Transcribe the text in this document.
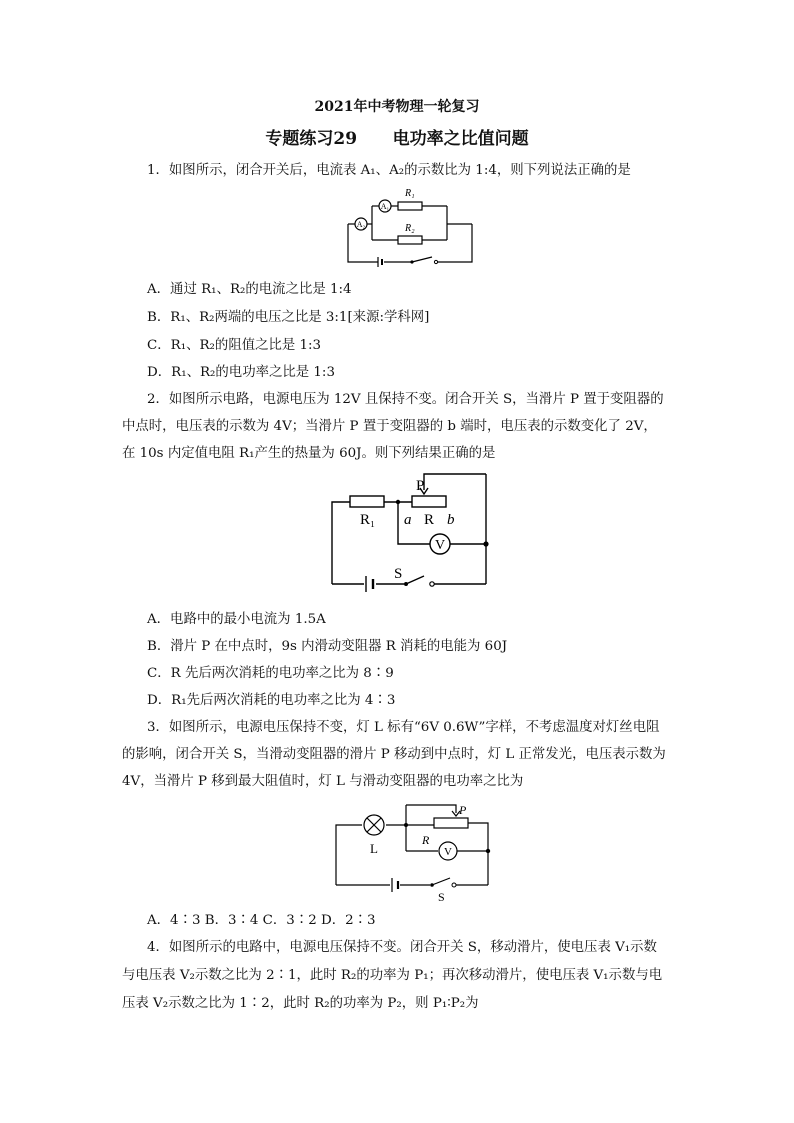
2021年中考物理一轮复习
专题练习29      电功率之比值问题
1．如图所示，闭合开关后，电流表 A₁、A₂的示数比为 1:4，则下列说法正确的是
A₂
A₁
R₁
R₂
A．通过 R₁、R₂的电流之比是 1:4
B．R₁、R₂两端的电压之比是 3:1[来源:学科网]
C．R₁、R₂的阻值之比是 1:3
D．R₁、R₂的电功率之比是 1:3
2．如图所示电路，电源电压为 12V 且保持不变。闭合开关 S，当滑片 P 置于变阻器的
中点时，电压表的示数为 4V；当滑片 P 置于变阻器的 b 端时，电压表的示数变化了 2V，
在 10s 内定值电阻 R₁产生的热量为 60J。则下列结果正确的是
R₁
P
a R b
V
S
A．电路中的最小电流为 1.5A
B．滑片 P 在中点时，9s 内滑动变阻器 R 消耗的电能为 60J
C．R 先后两次消耗的电功率之比为 8∶9
D．R₁先后两次消耗的电功率之比为 4∶3
3．如图所示，电源电压保持不变，灯 L 标有“6V 0.6W”字样，不考虑温度对灯丝电阻
的影响，闭合开关 S，当滑动变阻器的滑片 P 移动到中点时，灯 L 正常发光，电压表示数为
4V，当滑片 P 移到最大阻值时，灯 L 与滑动变阻器的电功率之比为
L
P
R
V
S
A．4∶3 B．3∶4 C．3∶2 D．2∶3
4．如图所示的电路中，电源电压保持不变。闭合开关 S，移动滑片，使电压表 V₁示数
与电压表 V₂示数之比为 2∶1，此时 R₂的功率为 P₁；再次移动滑片，使电压表 V₁示数与电
压表 V₂示数之比为 1∶2，此时 R₂的功率为 P₂，则 P₁∶P₂为
